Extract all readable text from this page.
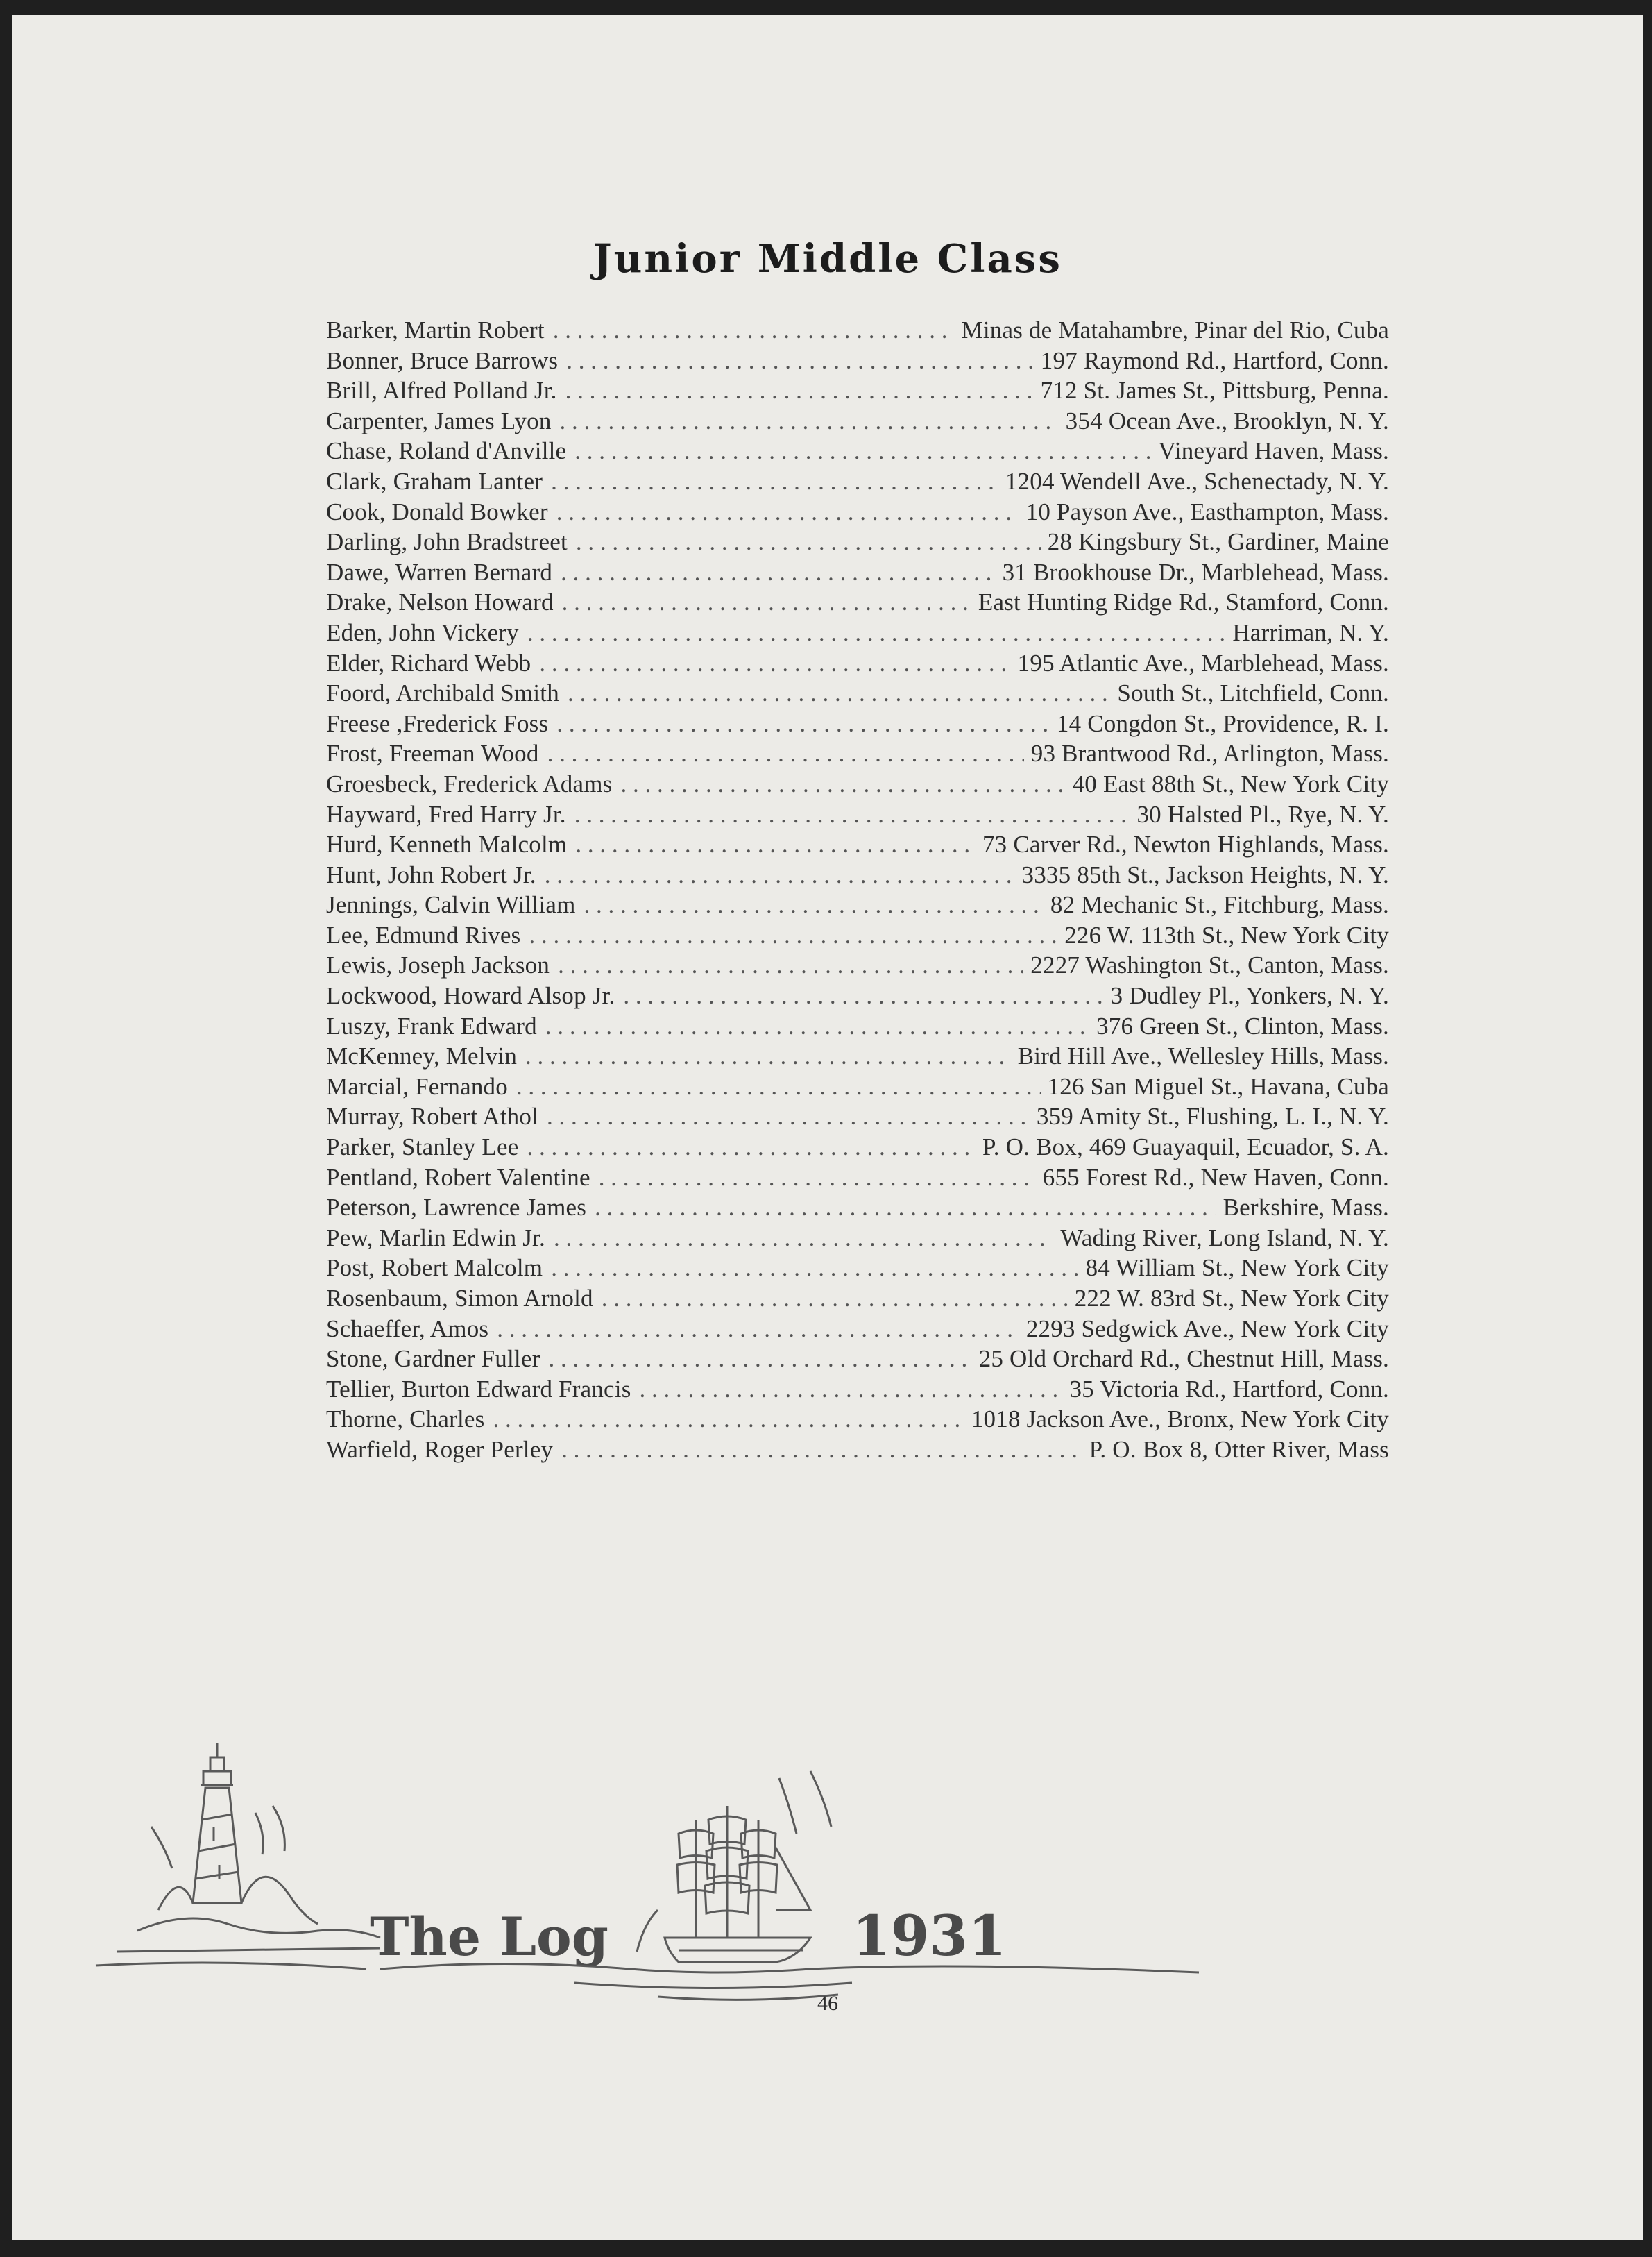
Junior Middle Class
Barker, Martin Robert . . .	Minas de Matahambre, Pinar del Rio, Cuba
Bonner, Bruce Barrows . . .	197 Raymond Rd., Hartford, Conn.
Brill, Alfred Polland Jr. . . .	712 St. James St., Pittsburg, Penna.
Carpenter, James Lyon . . .	354 Ocean Ave., Brooklyn, N. Y.
Chase, Roland d'Anville . . .	Vineyard Haven, Mass.
Clark, Graham Lanter . . .	1204 Wendell Ave., Schenectady, N. Y.
Cook, Donald Bowker . . .	10 Payson Ave., Easthampton, Mass.
Darling, John Bradstreet . . .	28 Kingsbury St., Gardiner, Maine
Dawe, Warren Bernard . . .	31 Brookhouse Dr., Marblehead, Mass.
Drake, Nelson Howard . . .	East Hunting Ridge Rd., Stamford, Conn.
Eden, John Vickery . . .	Harriman, N. Y.
Elder, Richard Webb . . .	195 Atlantic Ave., Marblehead, Mass.
Foord, Archibald Smith . . .	South St., Litchfield, Conn.
Freese ,Frederick Foss . . .	14 Congdon St., Providence, R. I.
Frost, Freeman Wood . . .	93 Brantwood Rd., Arlington, Mass.
Groesbeck, Frederick Adams . . .	40 East 88th St., New York City
Hayward, Fred Harry Jr. . . .	30 Halsted Pl., Rye, N. Y.
Hurd, Kenneth Malcolm . . .	73 Carver Rd., Newton Highlands, Mass.
Hunt, John Robert Jr. . . .	3335 85th St., Jackson Heights, N. Y.
Jennings, Calvin William . . .	82 Mechanic St., Fitchburg, Mass.
Lee, Edmund Rives . . .	226 W. 113th St., New York City
Lewis, Joseph Jackson . . .	2227 Washington St., Canton, Mass.
Lockwood, Howard Alsop Jr. . . .	3 Dudley Pl., Yonkers, N. Y.
Luszy, Frank Edward . . .	376 Green St., Clinton, Mass.
McKenney, Melvin . . .	Bird Hill Ave., Wellesley Hills, Mass.
Marcial, Fernando . . .	126 San Miguel St., Havana, Cuba
Murray, Robert Athol . . .	359 Amity St., Flushing, L. I., N. Y.
Parker, Stanley Lee . . .	P. O. Box, 469 Guayaquil, Ecuador, S. A.
Pentland, Robert Valentine . . .	655 Forest Rd., New Haven, Conn.
Peterson, Lawrence James . . .	Berkshire, Mass.
Pew, Marlin Edwin Jr. . . .	Wading River, Long Island, N. Y.
Post, Robert Malcolm . . .	84 William St., New York City
Rosenbaum, Simon Arnold . . .	222 W. 83rd St., New York City
Schaeffer, Amos . . .	2293 Sedgwick Ave., New York City
Stone, Gardner Fuller . . .	25 Old Orchard Rd., Chestnut Hill, Mass.
Tellier, Burton Edward Francis . . .	35 Victoria Rd., Hartford, Conn.
Thorne, Charles . . .	1018 Jackson Ave., Bronx, New York City
Warfield, Roger Perley . . .	P. O. Box 8, Otter River, Mass
The Log	1931
46
